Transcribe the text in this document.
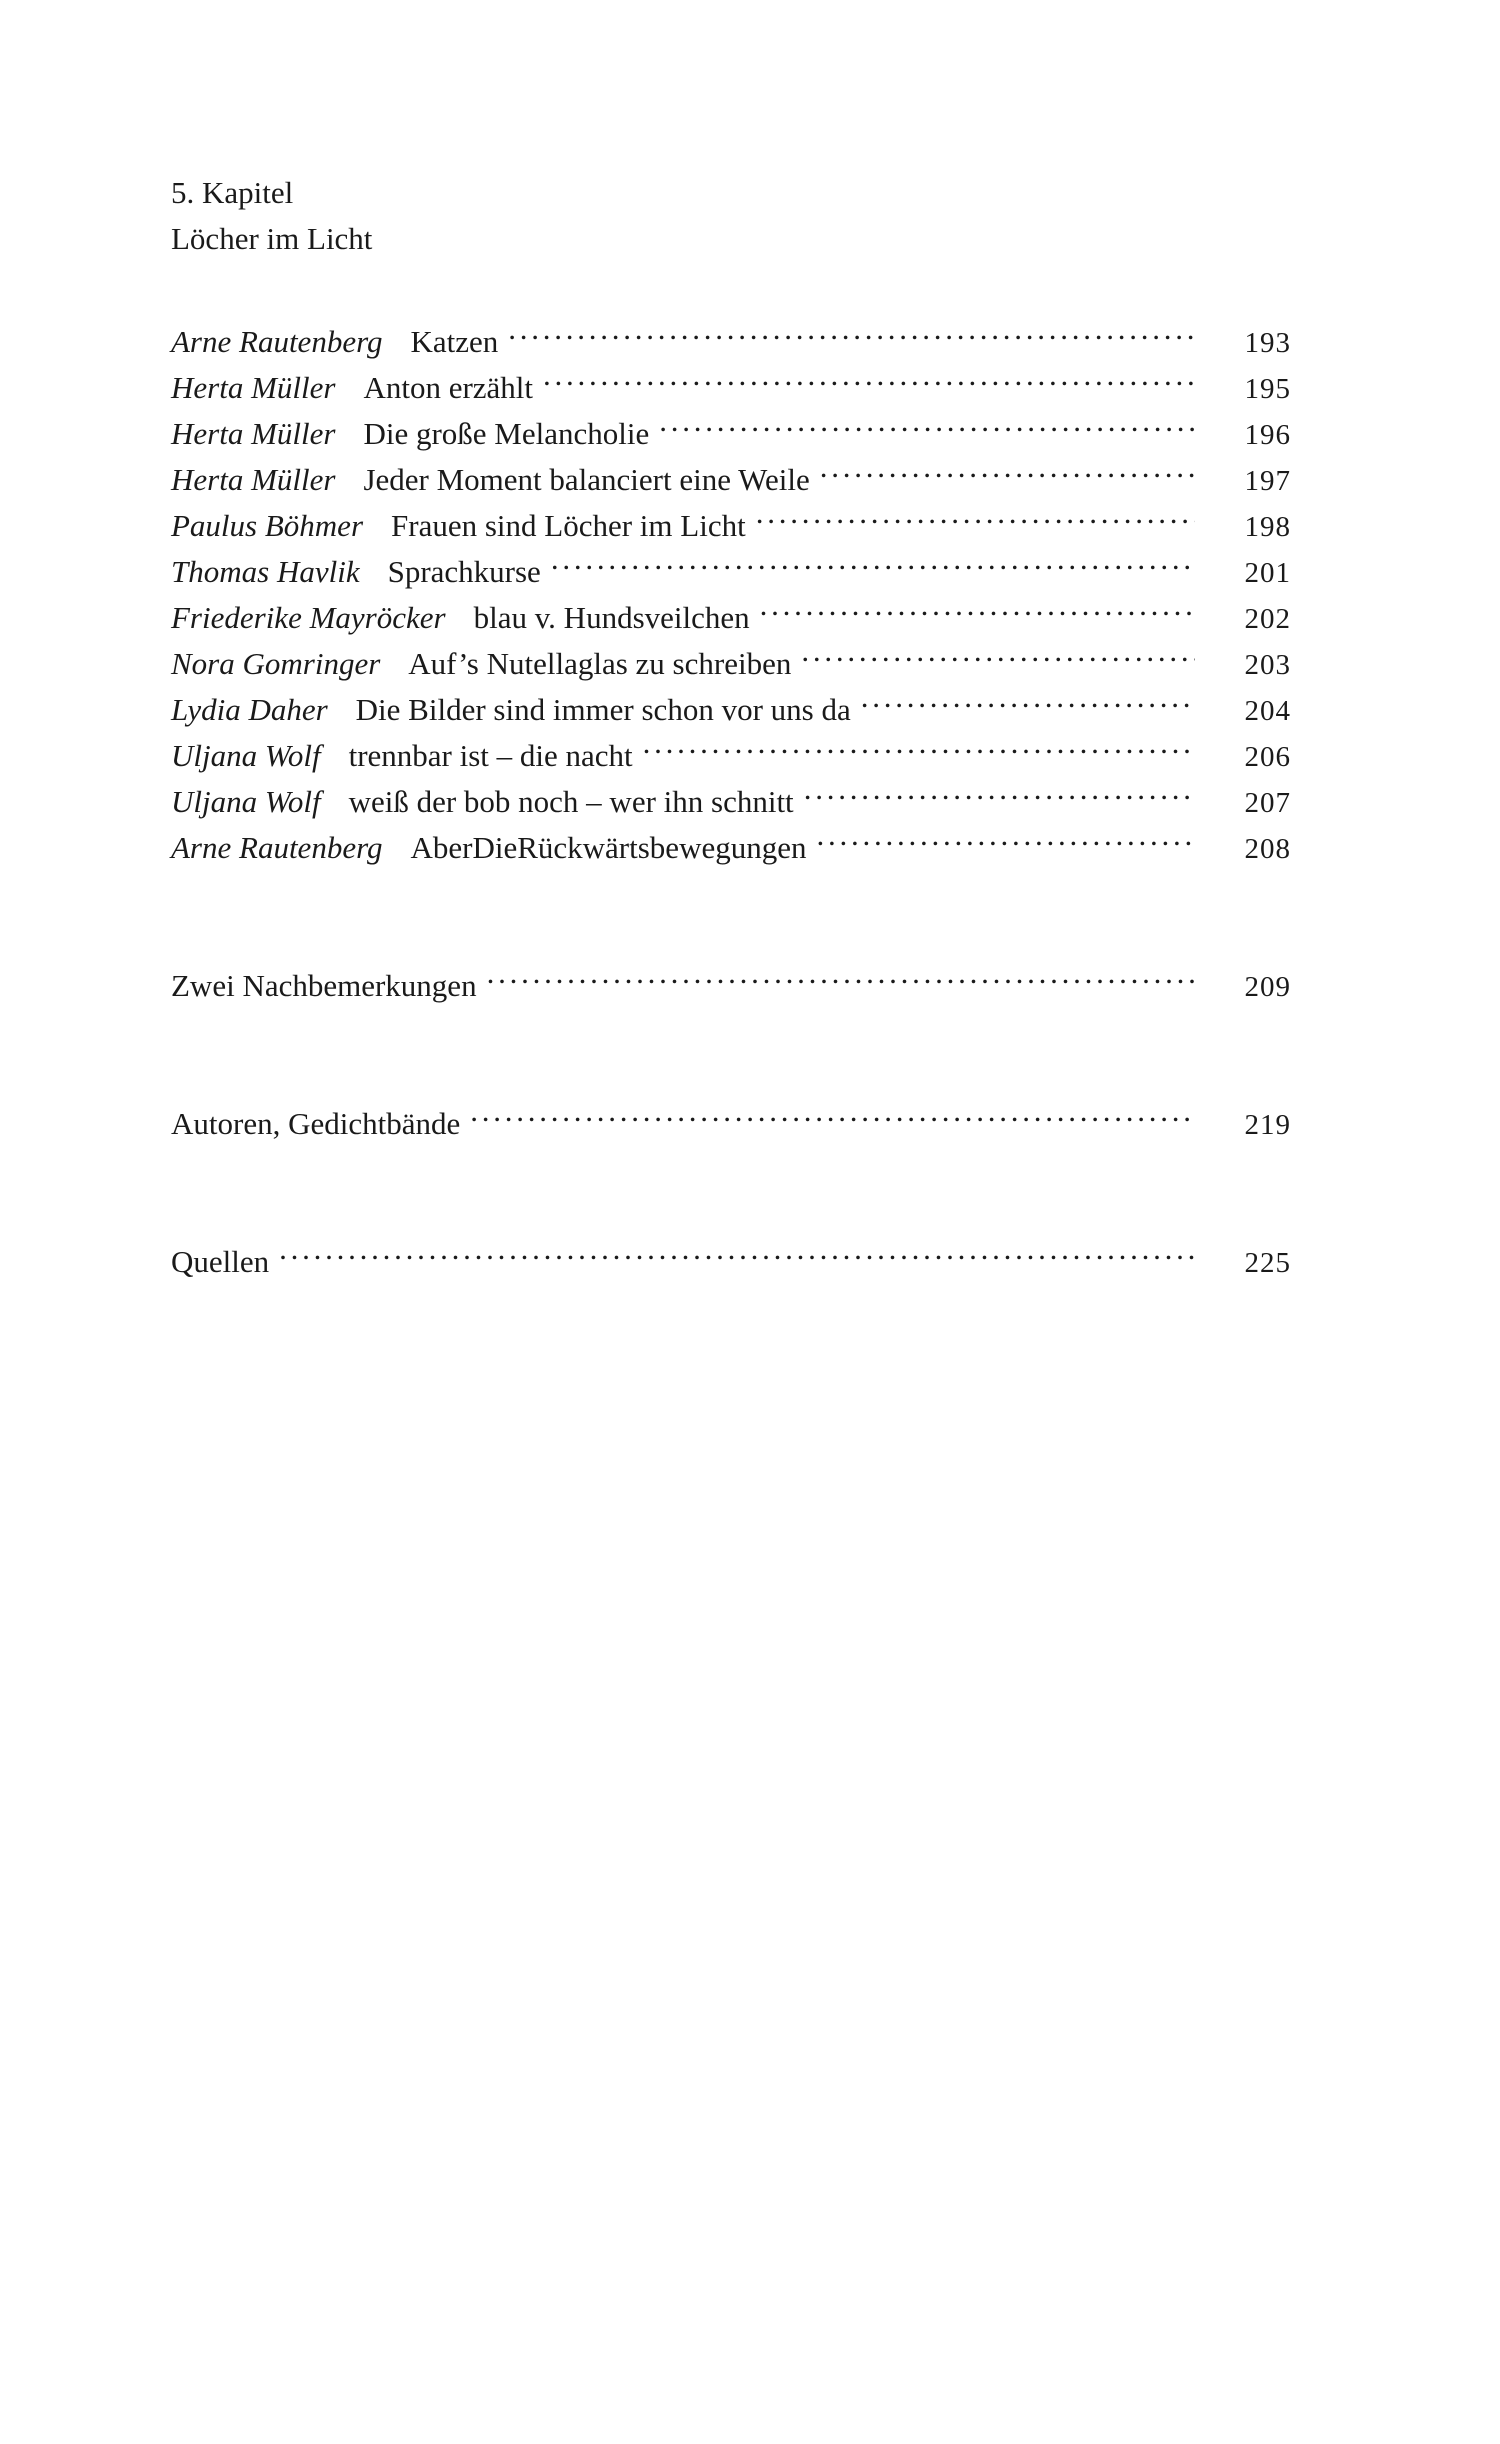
5. Kapitel
Löcher im Licht
Arne Rautenberg Katzen . . .	193
Herta Müller Anton erzählt . . .	195
Herta Müller Die große Melancholie . . .	196
Herta Müller Jeder Moment balanciert eine Weile . . .	197
Paulus Böhmer Frauen sind Löcher im Licht . . .	198
Thomas Havlik Sprachkurse . . .	201
Friederike Mayröcker blau v. Hundsveilchen . . .	202
Nora Gomringer Auf’s Nutellaglas zu schreiben . . .	203
Lydia Daher Die Bilder sind immer schon vor uns da . . .	204
Uljana Wolf trennbar ist – die nacht . . .	206
Uljana Wolf weiß der bob noch – wer ihn schnitt . . .	207
Arne Rautenberg AberDieRückwärtsbewegungen . . .	208
Zwei Nachbemerkungen . . .	209
Autoren, Gedichtbände . . .	219
Quellen . . .	225
